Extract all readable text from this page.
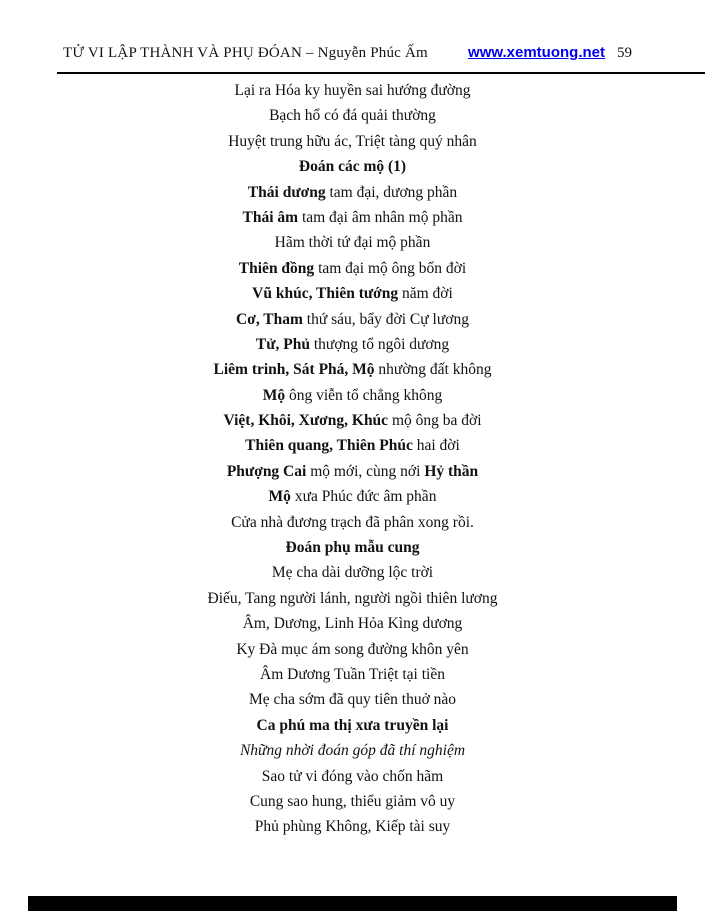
TỬ VI LẬP THÀNH VÀ PHỤ ĐÓAN – Nguyễn Phúc Ấm	www.xemtuong.net 59
Lại ra Hóa ky huyền sai hướng đường
Bạch hổ có đá quải thường
Huyệt trung hữu ác, Triệt tàng quý nhân
Đoán các mộ (1)
Thái dương tam đại, dương phần
Thái âm tam đại âm nhân mộ phần
Hãm thời tứ đại mộ phần
Thiên đồng tam đại mộ ông bốn đời
Vũ khúc, Thiên tướng năm đời
Cơ, Tham thứ sáu, bẩy đời Cự lương
Tử, Phủ thượng tổ ngôi dương
Liêm trinh, Sát Phá, Mộ nhường đất không
Mộ ông viễn tổ chẳng không
Việt, Khôi, Xương, Khúc mộ ông ba đời
Thiên quang, Thiên Phúc hai đời
Phượng Cai mộ mới, cùng nới Hỷ thần
Mộ xưa Phúc đức âm phần
Cửa nhà đương trạch đã phân xong rồi.
Đoán phụ mẫu cung
Mẹ cha dài dưỡng lộc trời
Điếu, Tang người lánh, người ngồi thiên lương
Âm, Dương, Linh Hỏa Kìng dương
Ky Đà mục ám song đường khôn yên
Âm Dương Tuần Triệt tại tiền
Mẹ cha sớm đã quy tiên thuở nào
Ca phú ma thị xưa truyền lại
Những nhời đoán góp đã thí nghiệm
Sao tử vi đóng vào chốn hãm
Cung sao hung, thiểu giảm vô uy
Phủ phùng Không, Kiếp tài suy
